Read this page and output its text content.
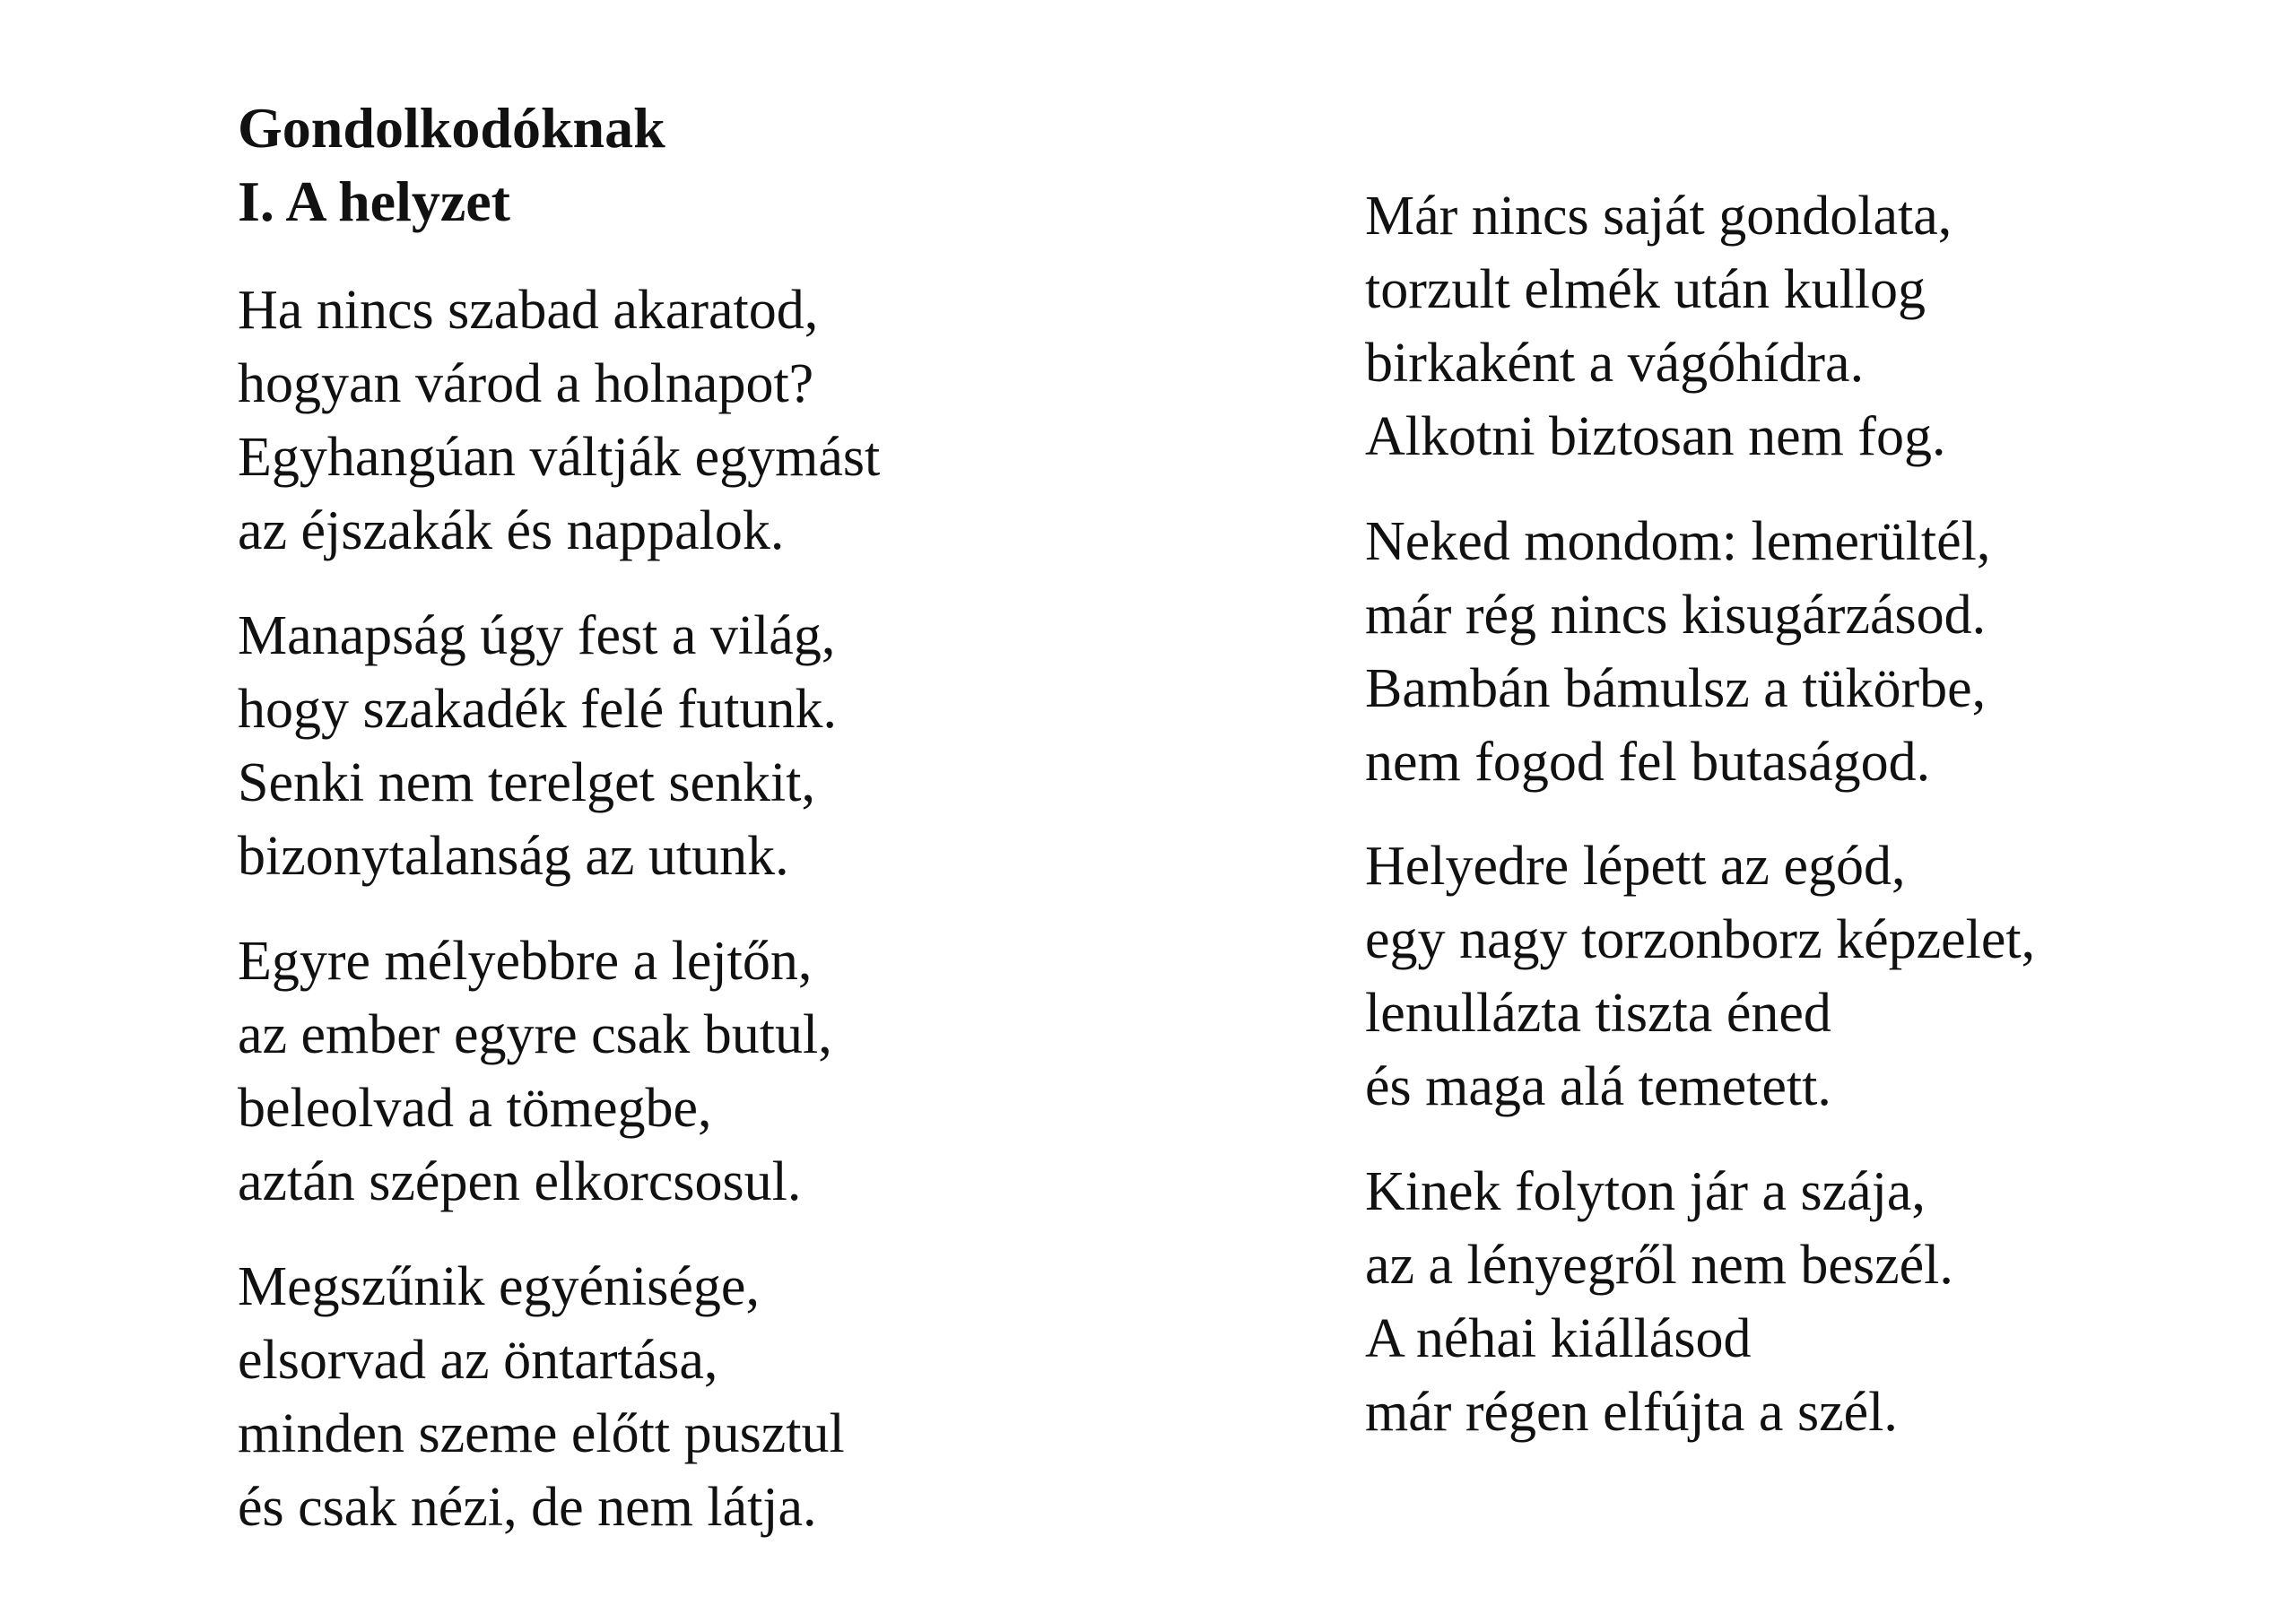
Gondolkodóknak
I. A helyzet
Ha nincs szabad akaratod,
hogyan várod a holnapot?
Egyhangúan váltják egymást
az éjszakák és nappalok.
Manapság úgy fest a világ,
hogy szakadék felé futunk.
Senki nem terelget senkit,
bizonytalanság az utunk.
Egyre mélyebbre a lejtőn,
az ember egyre csak butul,
beleolvad a tömegbe,
aztán szépen elkorcsosul.
Megszűnik egyénisége,
elsorvad az öntartása,
minden szeme előtt pusztul
és csak nézi, de nem látja.
Már nincs saját gondolata,
torzult elmék után kullog
birkaként a vágóhídra.
Alkotni biztosan nem fog.
Neked mondom: lemerültél,
már rég nincs kisugárzásod.
Bambán bámulsz a tükörbe,
nem fogod fel butaságod.
Helyedre lépett az egód,
egy nagy torzonborz képzelet,
lenullázta tiszta éned
és maga alá temetett.
Kinek folyton jár a szája,
az a lényegről nem beszél.
A néhai kiállásod
már régen elfújta a szél.
